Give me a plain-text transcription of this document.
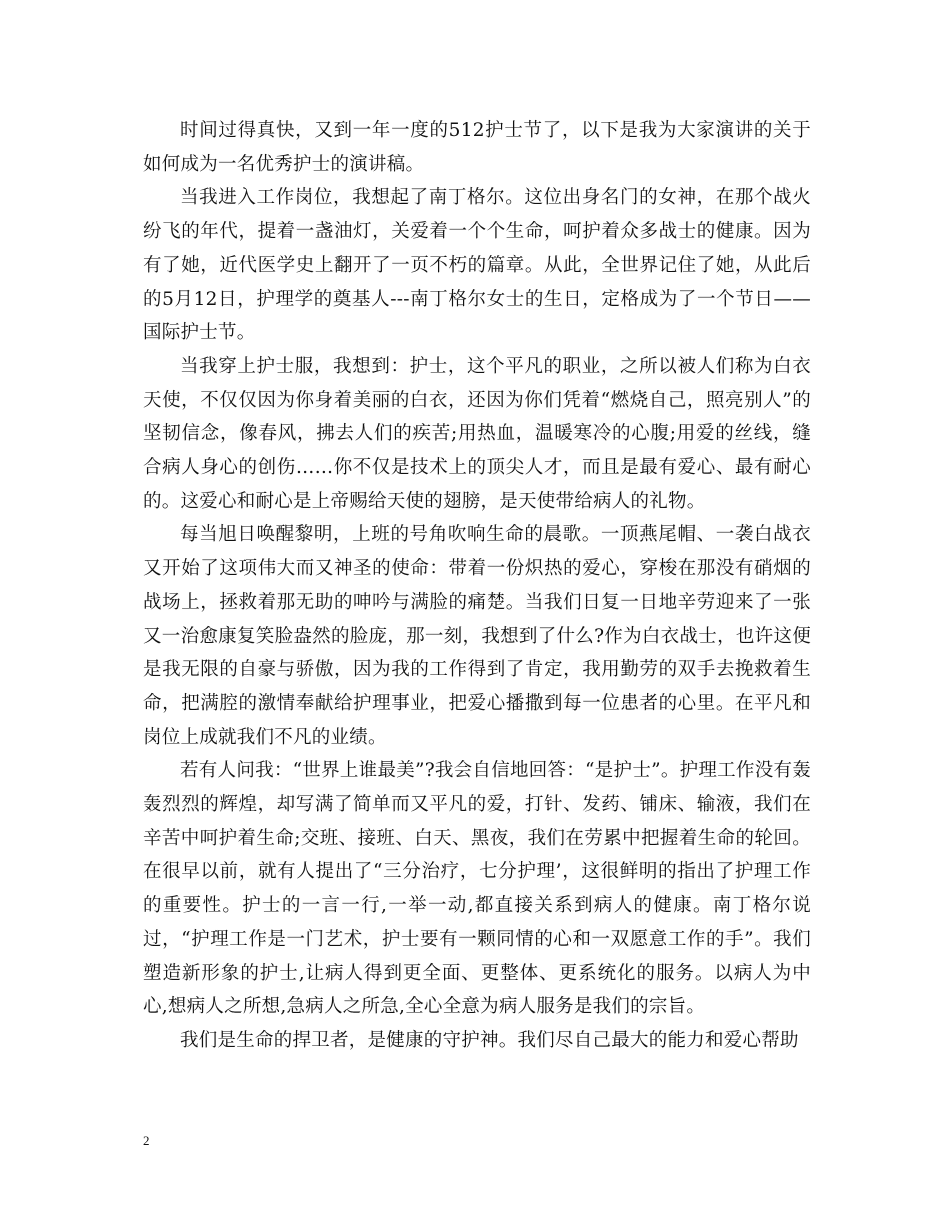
时间过得真快，又到一年一度的512护士节了，以下是我为大家演讲的关于如何成为一名优秀护士的演讲稿。

当我进入工作岗位，我想起了南丁格尔。这位出身名门的女神，在那个战火纷飞的年代，提着一盏油灯，关爱着一个个生命，呵护着众多战士的健康。因为有了她，近代医学史上翻开了一页不朽的篇章。从此，全世界记住了她，从此后的5月12日，护理学的奠基人---南丁格尔女士的生日，定格成为了一个节日——国际护士节。

当我穿上护士服，我想到：护士，这个平凡的职业，之所以被人们称为白衣天使，不仅仅因为你身着美丽的白衣，还因为你们凭着“燃烧自己，照亮别人”的坚韧信念，像春风，拂去人们的疾苦;用热血，温暖寒冷的心腹;用爱的丝线，缝合病人身心的创伤……你不仅是技术上的顶尖人才，而且是最有爱心、最有耐心的。这爱心和耐心是上帝赐给天使的翅膀，是天使带给病人的礼物。

每当旭日唤醒黎明，上班的号角吹响生命的晨歌。一顶燕尾帽、一袭白战衣又开始了这项伟大而又神圣的使命：带着一份炽热的爱心，穿梭在那没有硝烟的战场上，拯救着那无助的呻吟与满脸的痛楚。当我们日复一日地辛劳迎来了一张又一治愈康复笑脸盎然的脸庞，那一刻，我想到了什么?作为白衣战士，也许这便是我无限的自豪与骄傲，因为我的工作得到了肯定，我用勤劳的双手去挽救着生命，把满腔的激情奉献给护理事业，把爱心播撒到每一位患者的心里。在平凡和岗位上成就我们不凡的业绩。

若有人问我：“世界上谁最美”?我会自信地回答：“是护士”。护理工作没有轰轰烈烈的辉煌，却写满了简单而又平凡的爱，打针、发药、铺床、输液，我们在辛苦中呵护着生命;交班、接班、白天、黑夜，我们在劳累中把握着生命的轮回。在很早以前，就有人提出了“三分治疗，七分护理’，这很鲜明的指出了护理工作的重要性。护士的一言一行,一举一动,都直接关系到病人的健康。南丁格尔说过，“护理工作是一门艺术，护士要有一颗同情的心和一双愿意工作的手”。我们塑造新形象的护士,让病人得到更全面、更整体、更系统化的服务。以病人为中心,想病人之所想,急病人之所急,全心全意为病人服务是我们的宗旨。

我们是生命的捍卫者，是健康的守护神。我们尽自己最大的能力和爱心帮助

2
